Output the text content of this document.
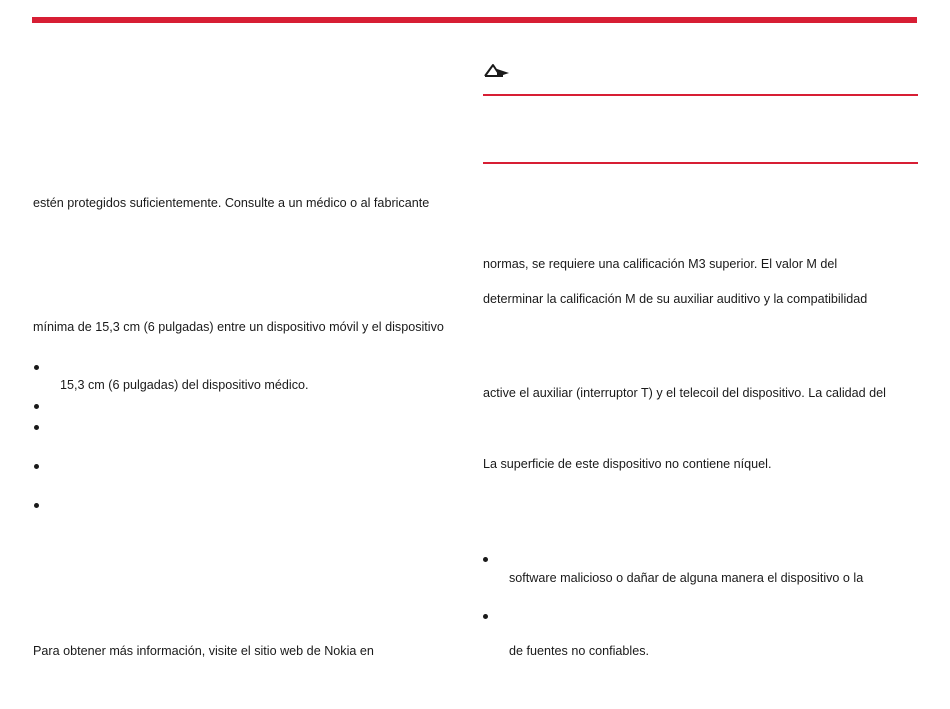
estén protegidos suficientemente. Consulte a un médico o al fabricante
mínima de 15,3 cm (6 pulgadas) entre un dispositivo móvil y el dispositivo
15,3 cm (6 pulgadas) del dispositivo médico.
Para obtener más información, visite el sitio web de Nokia en
normas, se requiere una calificación M3 superior. El valor M del
determinar la calificación M de su auxiliar auditivo y la compatibilidad
active el auxiliar (interruptor T) y el telecoil del dispositivo. La calidad del
La superficie de este dispositivo no contiene níquel.
software malicioso o dañar de alguna manera el dispositivo o la
de fuentes no confiables.
